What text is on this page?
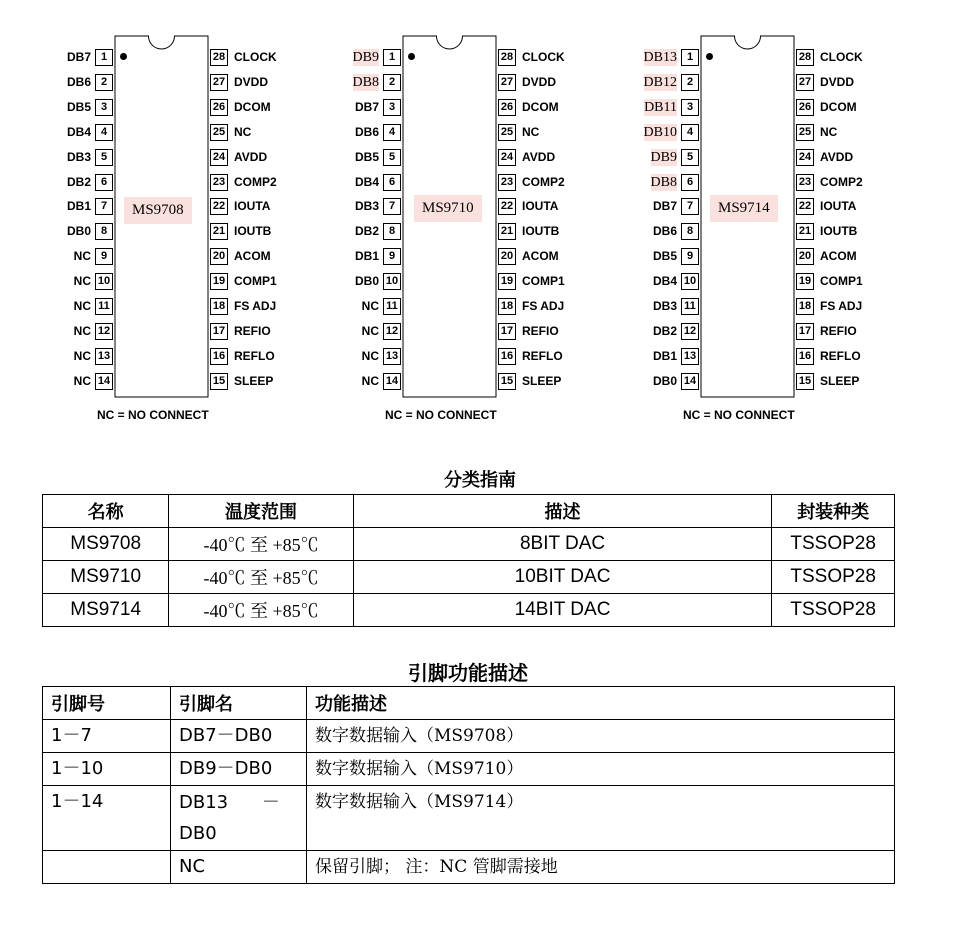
MS9708
DB7 1
DB6 2
DB5 3
DB4 4
DB3 5
DB2 6
DB1 7
DB0 8
NC 9
NC 10
NC 11
NC 12
NC 13
NC 14
28 CLOCK
27 DVDD
26 DCOM
25 NC
24 AVDD
23 COMP2
22 IOUTA
21 IOUTB
20 ACOM
19 COMP1
18 FS ADJ
17 REFIO
16 REFLO
15 SLEEP
NC = NO CONNECT
MS9710
DB9 1
DB8 2
DB7 3
DB6 4
DB5 5
DB4 6
DB3 7
DB2 8
DB1 9
DB0 10
NC 11
NC 12
NC 13
NC 14
28 CLOCK
27 DVDD
26 DCOM
25 NC
24 AVDD
23 COMP2
22 IOUTA
21 IOUTB
20 ACOM
19 COMP1
18 FS ADJ
17 REFIO
16 REFLO
15 SLEEP
NC = NO CONNECT
MS9714
DB13 1
DB12 2
DB11 3
DB10 4
DB9 5
DB8 6
DB7 7
DB6 8
DB5 9
DB4 10
DB3 11
DB2 12
DB1 13
DB0 14
28 CLOCK
27 DVDD
26 DCOM
25 NC
24 AVDD
23 COMP2
22 IOUTA
21 IOUTB
20 ACOM
19 COMP1
18 FS ADJ
17 REFIO
16 REFLO
15 SLEEP
NC = NO CONNECT
分类指南
名称	温度范围	描述	封装种类
MS9708	-40℃ 至 +85℃	8BIT DAC	TSSOP28
MS9710	-40℃ 至 +85℃	10BIT DAC	TSSOP28
MS9714	-40℃ 至 +85℃	14BIT DAC	TSSOP28
引脚功能描述
引脚号	引脚名	功能描述
1－7	DB7－DB0	数字数据输入（MS9708）
1－10	DB9－DB0	数字数据输入（MS9710）
1－14	DB13 － DB0	数字数据输入（MS9714）
	NC	保留引脚； 注：NC 管脚需接地
